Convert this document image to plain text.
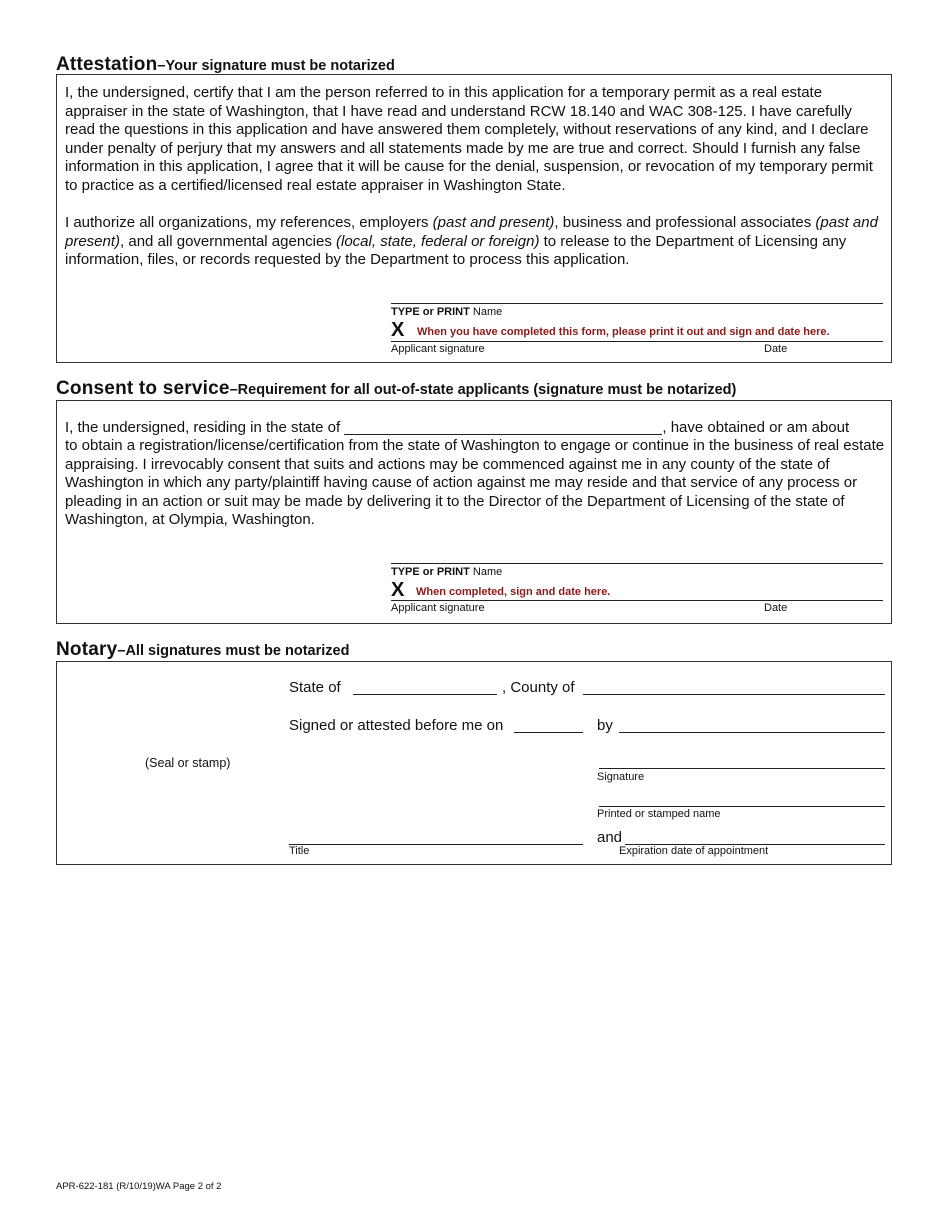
Attestation–Your signature must be notarized

I, the undersigned, certify that I am the person referred to in this application for a temporary permit as a real estate appraiser in the state of Washington, that I have read and understand RCW 18.140 and WAC 308-125. I have carefully read the questions in this application and have answered them completely, without reservations of any kind, and I declare under penalty of perjury that my answers and all statements made by me are true and correct. Should I furnish any false information in this application, I agree that it will be cause for the denial, suspension, or revocation of my temporary permit to practice as a certified/licensed real estate appraiser in Washington State.

I authorize all organizations, my references, employers (past and present), business and professional associates (past and present), and all governmental agencies (local, state, federal or foreign) to release to the Department of Licensing any information, files, or records requested by the Department to process this application.

TYPE or PRINT Name
X When you have completed this form, please print it out and sign and date here.
Applicant signature	Date
Consent to service–Requirement for all out-of-state applicants (signature must be notarized)
I, the undersigned, residing in the state of	, have obtained or am about

to obtain a registration/license/certification from the state of Washington to engage or continue in the business of real estate appraising. I irrevocably consent that suits and actions may be commenced against me in any county of the state of Washington in which any party/plaintiff having cause of action against me may reside and that service of any process or pleading in an action or suit may be made by delivering it to the Director of the Department of Licensing of the state of Washington, at Olympia, Washington.

TYPE or PRINT Name
X When completed, sign and date here.
Applicant signature	Date
Notary–All signatures must be notarized
State of	, County of
Signed or attested before me on	by
(Seal or stamp)
Signature
Printed or stamped name
Title
and
Expiration date of appointment
APR-622-181 (R/10/19)WA Page 2 of 2
